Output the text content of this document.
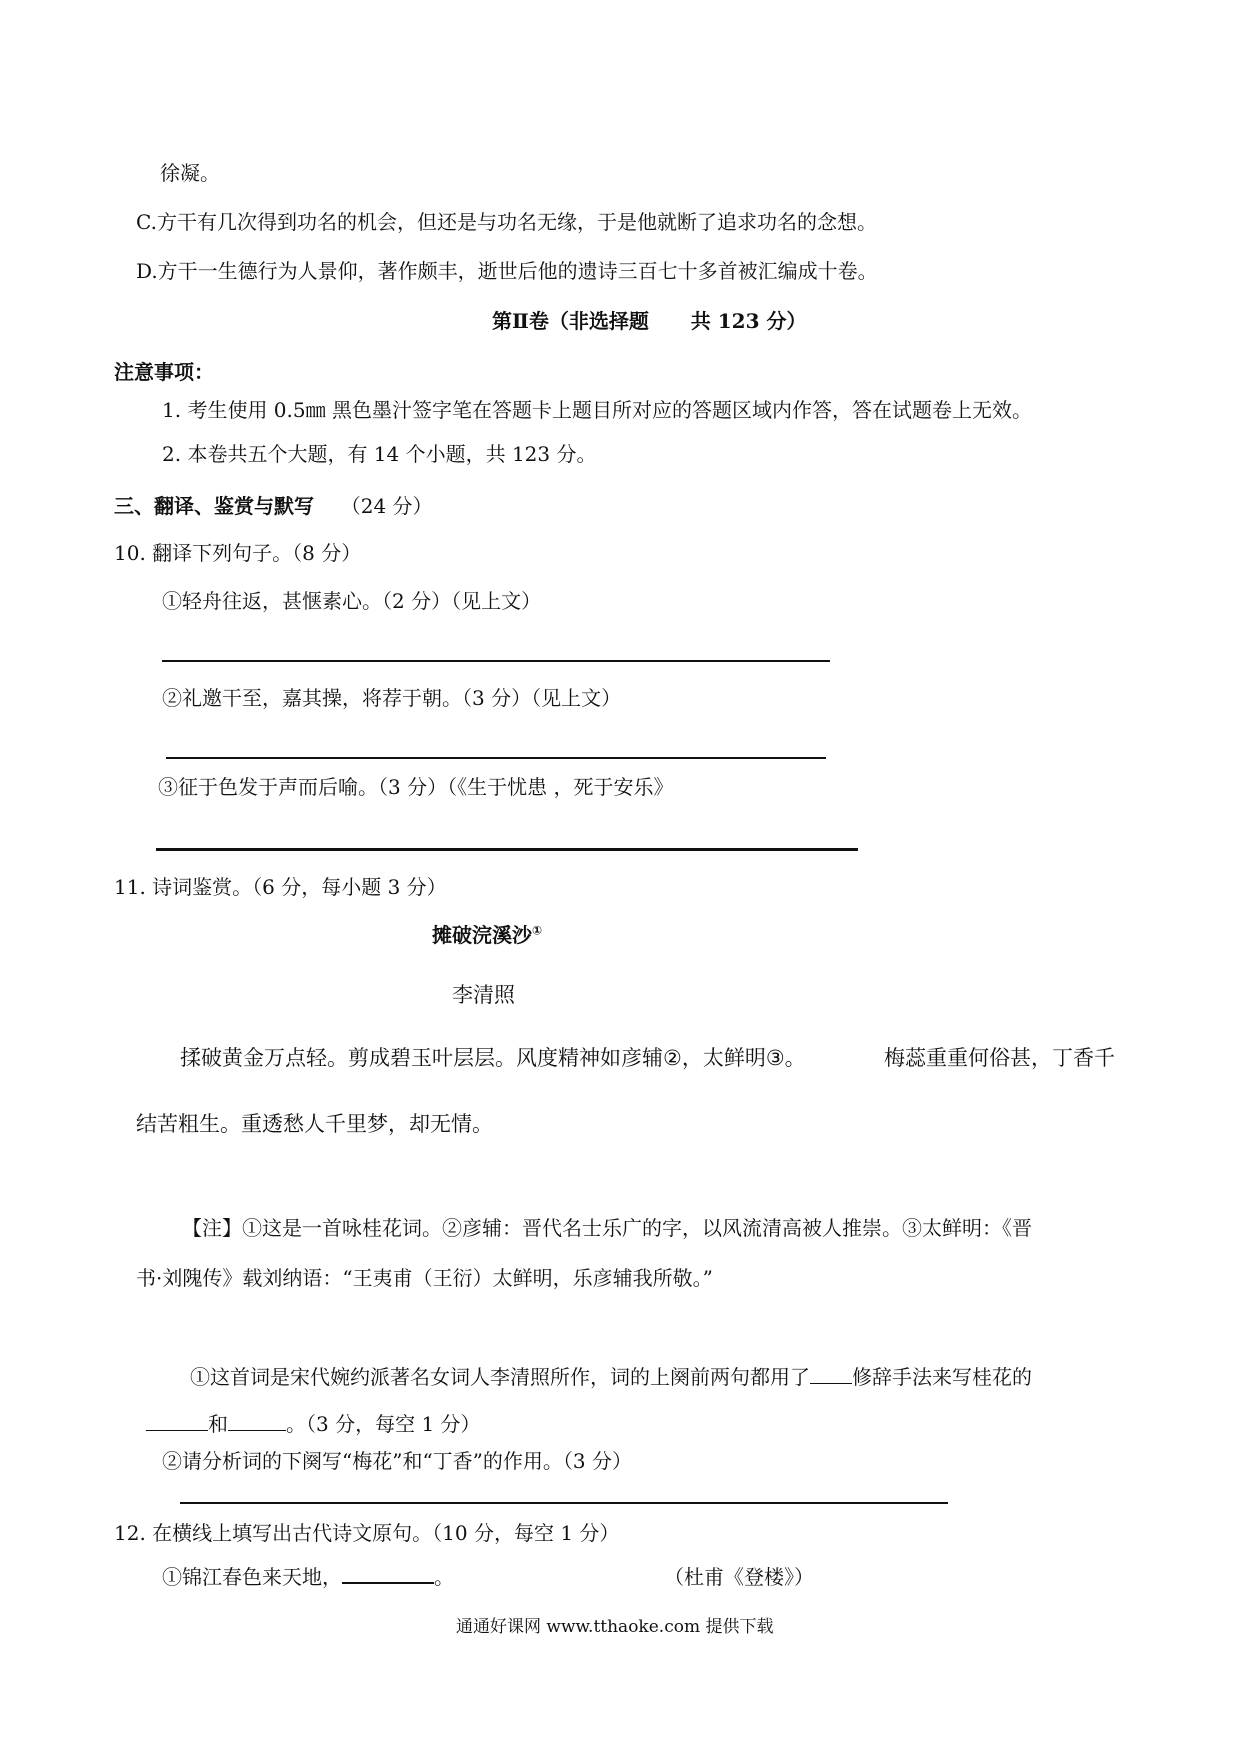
徐凝。
C.方干有几次得到功名的机会，但还是与功名无缘，于是他就断了追求功名的念想。
D.方干一生德行为人景仰，著作颇丰，逝世后他的遗诗三百七十多首被汇编成十卷。
第Ⅱ卷（非选择题 共 123 分）
注意事项：
1. 考生使用 0.5㎜ 黑色墨汁签字笔在答题卡上题目所对应的答题区域内作答，答在试题卷上无效。
2. 本卷共五个大题，有 14 个小题，共 123 分。
三、翻译、鉴赏与默写 （24 分）
10. 翻译下列句子。（8 分）
①轻舟往返，甚惬素心。（2 分）（见上文）
②礼邀干至，嘉其操，将荐于朝。（3 分）（见上文）
③征于色发于声而后喻。（3 分）（《生于忧患 ，死于安乐》
11. 诗词鉴赏。（6 分，每小题 3 分）
摊破浣溪沙①
李清照
揉破黄金万点轻。剪成碧玉叶层层。风度精神如彦辅②，太鲜明③。	梅蕊重重何俗甚，丁香千
结苦粗生。重透愁人千里梦，却无情。
【注】①这是一首咏桂花词。②彦辅：晋代名士乐广的字，以风流清高被人推崇。③太鲜明：《晋
书·刘隗传》载刘纳语：“王夷甫（王衍）太鲜明，乐彦辅我所敬。”
①这首词是宋代婉约派著名女词人李清照所作，词的上阕前两句都用了 修辞手法来写桂花的
和	。（3 分，每空 1 分）
②请分析词的下阕写“梅花”和“丁香”的作用。（3 分）
12. 在横线上填写出古代诗文原句。（10 分，每空 1 分）
①锦江春色来天地，	。	（杜甫《登楼》）
通通好课网 www.tthaoke.com 提供下载
